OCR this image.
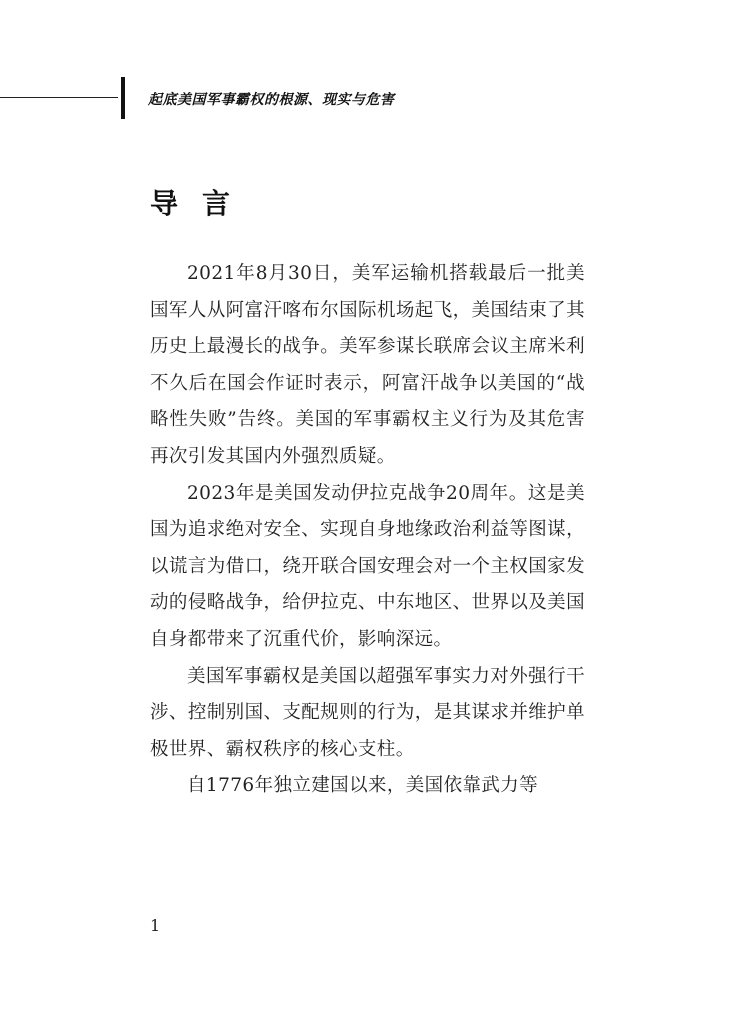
起底美国军事霸权的根源、现实与危害
导言

2021年8月30日，美军运输机搭载最后一批美国军人从阿富汗喀布尔国际机场起飞，美国结束了其历史上最漫长的战争。美军参谋长联席会议主席米利不久后在国会作证时表示，阿富汗战争以美国的“战略性失败”告终。美国的军事霸权主义行为及其危害再次引发其国内外强烈质疑。

2023年是美国发动伊拉克战争20周年。这是美国为追求绝对安全、实现自身地缘政治利益等图谋，以谎言为借口，绕开联合国安理会对一个主权国家发动的侵略战争，给伊拉克、中东地区、世界以及美国自身都带来了沉重代价，影响深远。

美国军事霸权是美国以超强军事实力对外强行干涉、控制别国、支配规则的行为，是其谋求并维护单极世界、霸权秩序的核心支柱。

自1776年独立建国以来，美国依靠武力等

1
